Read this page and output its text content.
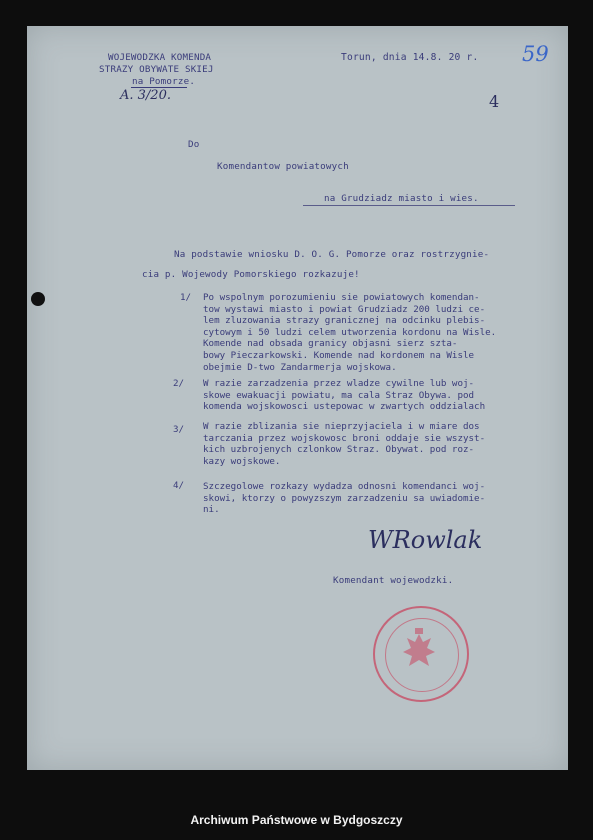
WOJEWODZKA KOMENDA
STRAZY OBYWATE SKIEJ
na Pomorze.
Torun, dnia 14.8. 20 r. 59
A. 3/20.	4
Do
Komendantow powiatowych
na Grudziadz miasto i wies.
Na podstawie wniosku D. O. G. Pomorze oraz rostrzygnie-
cia p. Wojewody Pomorskiego rozkazuje!
1/ Po wspolnym porozumieniu sie powiatowych komendan-
tow wystawi miasto i powiat Grudziadz 200 ludzi ce-
lem zluzowania strazy granicznej na odcinku plebis-
cytowym i 50 ludzi celem utworzenia kordonu na Wisle.
Komende nad obsada granicy objasni sierz szta-
bowy Pieczarkowski. Komende nad kordonem na Wisle
obejmie D-two Zandarmerja wojskowa.
2/ W razie zarzadzenia przez wladze cywilne lub woj-
skowe ewakuacji powiatu, ma cala Straz Obywa. pod
komenda wojskowosci ustepowac w zwartych oddzialach
3/ W razie zblizania sie nieprzyjaciela i w miare dos
tarczania przez wojskowosc broni oddaje sie wszyst-
kich uzbrojenych czlonkow Straz. Obywat. pod roz-
kazy wojskowe.
4/ Szczegolowe rozkazy wydadza odnosni komendanci woj-
skowi, ktorzy o powyzszym zarzadzeniu sa uwiadomie-
ni.
WRowlak
Komendant wojewodzki.
Archiwum Państwowe w Bydgoszczy
